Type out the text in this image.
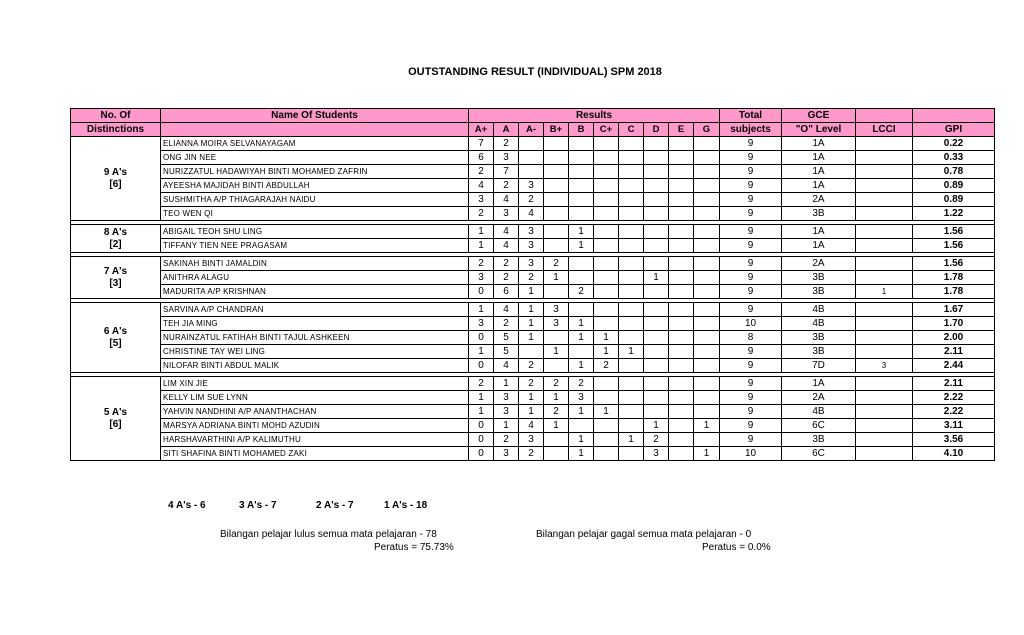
OUTSTANDING RESULT (INDIVIDUAL) SPM 2018
No. Of	Name Of Students	Results										Total	GCE		
Distinctions		A+	A	A-	B+	B	C+	C	D	E	G	subjects	"O" Level	LCCI	GPI

9 A's
[6]	ELIANNA MOIRA SELVANAYAGAM	7	2									9	1A		0.22
	ONG JIN NEE	6	3									9	1A		0.33
	NURIZZATUL HADAWIYAH BINTI MOHAMED ZAFRIN	2	7									9	1A		0.78
	AYEESHA MAJIDAH BINTI ABDULLAH	4	2	3								9	1A		0.89
	SUSHMITHA A/P THIAGARAJAH NAIDU	3	4	2								9	2A		0.89
	TEO WEN QI	2	3	4								9	3B		1.22

8 A's
[2]	ABIGAIL TEOH SHU LING	1	4	3		1						9	1A		1.56
	TIFFANY TIEN NEE PRAGASAM	1	4	3		1						9	1A		1.56

7 A's
[3]	SAKINAH BINTI JAMALDIN	2	2	3	2							9	2A		1.56
	ANITHRA ALAGU	3	2	2	1				1			9	3B		1.78
	MADURITA A/P KRISHNAN	0	6	1		2						9	3B	1	1.78

6 A's
[5]	SARVINA A/P CHANDRAN	1	4	1	3							9	4B		1.67
	TEH JIA MING	3	2	1	3	1						10	4B		1.70
	NURAINZATUL FATIHAH BINTI TAJUL ASHKEEN	0	5	1		1	1					8	3B		2.00
	CHRISTINE TAY WEI LING	1	5		1		1	1				9	3B		2.11
	NILOFAR BINTI ABDUL MALIK	0	4	2		1	2					9	7D	3	2.44

5 A's
[6]	LIM XIN JIE	2	1	2	2	2						9	1A		2.11
	KELLY LIM SUE LYNN	1	3	1	1	3						9	2A		2.22
	YAHVIN NANDHINI A/P ANANTHACHAN	1	3	1	2	1	1					9	4B		2.22
	MARSYA ADRIANA BINTI MOHD AZUDIN	0	1	4	1				1		1	9	6C		3.11
	HARSHAVARTHINI A/P KALIMUTHU	0	2	3		1		1	2			9	3B		3.56
	SITI SHAFINA BINTI MOHAMED ZAKI	0	3	2		1			3		1	10	6C		4.10
4 A's - 6	3 A's - 7	2 A's - 7	1 A's - 18
Bilangan pelajar lulus semua mata pelajaran - 78
Peratus = 75.73%
Bilangan pelajar gagal semua mata pelajaran - 0
Peratus = 0.0%
